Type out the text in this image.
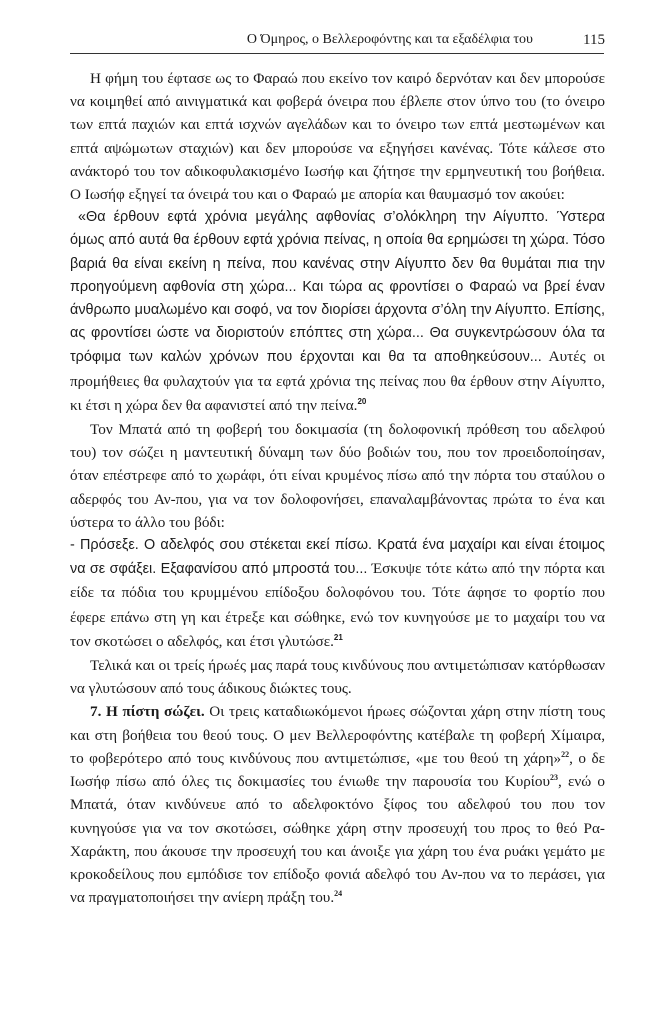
Ο Όμηρος, ο Βελλεροφόντης και τα εξαδέλφια του	115

Η φήμη του έφτασε ως το Φαραώ που εκείνο τον καιρό δερνόταν και δεν μπορούσε να κοιμηθεί από αινιγματικά και φοβερά όνειρα που έβλεπε στον ύπνο του (το όνειρο των επτά παχιών και επτά ισχνών αγελάδων και το όνειρο των επτά μεστωμένων και επτά αψώμωτων σταχιών) και δεν μπορούσε να εξηγήσει κανένας. Τότε κάλεσε στο ανάκτορό του τον αδικοφυλακισμένο Ιωσήφ και ζήτησε την ερμηνευτική του βοήθεια. Ο Ιωσήφ εξηγεί τα όνειρά του και ο Φαραώ με απορία και θαυμασμό τον ακούει:

«Θα έρθουν εφτά χρόνια μεγάλης αφθονίας σ’ολόκληρη την Αίγυπτο. Ύστερα όμως από αυτά θα έρθουν εφτά χρόνια πείνας, η οποία θα ερημώσει τη χώρα. Τόσο βαριά θα είναι εκείνη η πείνα, που κανένας στην Αίγυπτο δεν θα θυμάται πια την προηγούμενη αφθονία στη χώρα... Και τώρα ας φροντίσει ο Φαραώ να βρεί έναν άνθρωπο μυαλωμένο και σοφό, να τον διορίσει άρχοντα σ’όλη την Αίγυπτο. Επίσης, ας φροντίσει ώστε να διοριστούν επόπτες στη χώρα... Θα συγκεντρώσουν όλα τα τρόφιμα των καλών χρόνων που έρχονται και θα τα αποθηκεύσουν... Αυτές οι προμήθειες θα φυλαχτούν για τα εφτά χρόνια της πείνας που θα έρθουν στην Αίγυπτο, κι έτσι η χώρα δεν θα αφανιστεί από την πείνα.$^{20}$

Τον Μπατά από τη φοβερή του δοκιμασία (τη δολοφονική πρόθεση του αδελφού του) τον σώζει η μαντευτική δύναμη των δύο βοδιών του, που τον προειδοποίησαν, όταν επέστρεφε από το χωράφι, ότι είναι κρυμένος πίσω από την πόρτα του σταύλου ο αδερφός του Αν-που, για να τον δολοφονήσει, επαναλαμβάνοντας πρώτα το ένα και ύστερα το άλλο του βόδι:

- Πρόσεξε. Ο αδελφός σου στέκεται εκεί πίσω. Κρατά ένα μαχαίρι και είναι έτοιμος να σε σφάξει. Εξαφανίσου από μπροστά του... Έσκυψε τότε κάτω από την πόρτα και είδε τα πόδια του κρυμμένου επίδοξου δολοφόνου του. Τότε άφησε το φορτίο που έφερε επάνω στη γη και έτρεξε και σώθηκε, ενώ τον κυνηγούσε με το μαχαίρι του να τον σκοτώσει ο αδελφός, και έτσι γλυτώσε.$^{21}$

Τελικά και οι τρείς ήρωές μας παρά τους κινδύνους που αντιμετώπισαν κατόρθωσαν να γλυτώσουν από τους άδικους διώκτες τους.

7. Η πίστη σώζει. Οι τρεις καταδιωκόμενοι ήρωες σώζονται χάρη στην πίστη τους και στη βοήθεια του θεού τους. Ο μεν Βελλεροφόντης κατέβαλε τη φοβερή Χίμαιρα, το φοβερότερο από τους κινδύνους που αντιμετώπισε, «με του θεού τη χάρη»$^{22}$, ο δε Ιωσήφ πίσω από όλες τις δοκιμασίες του ένιωθε την παρουσία του Κυρίου$^{23}$, ενώ ο Μπατά, όταν κινδύνευε από το αδελφοκτόνο ξίφος του αδελφού του που τον κυνηγούσε για να τον σκοτώσει, σώθηκε χάρη στην προσευχή του προς το θεό Ρα-Χαράκτη, που άκουσε την προσευχή του και άνοιξε για χάρη του ένα ρυάκι γεμάτο με κροκοδείλους που εμπόδισε τον επίδοξο φονιά αδελφό του Αν-που να το περάσει, για να πραγματοποιήσει την ανίερη πράξη του.$^{24}$
